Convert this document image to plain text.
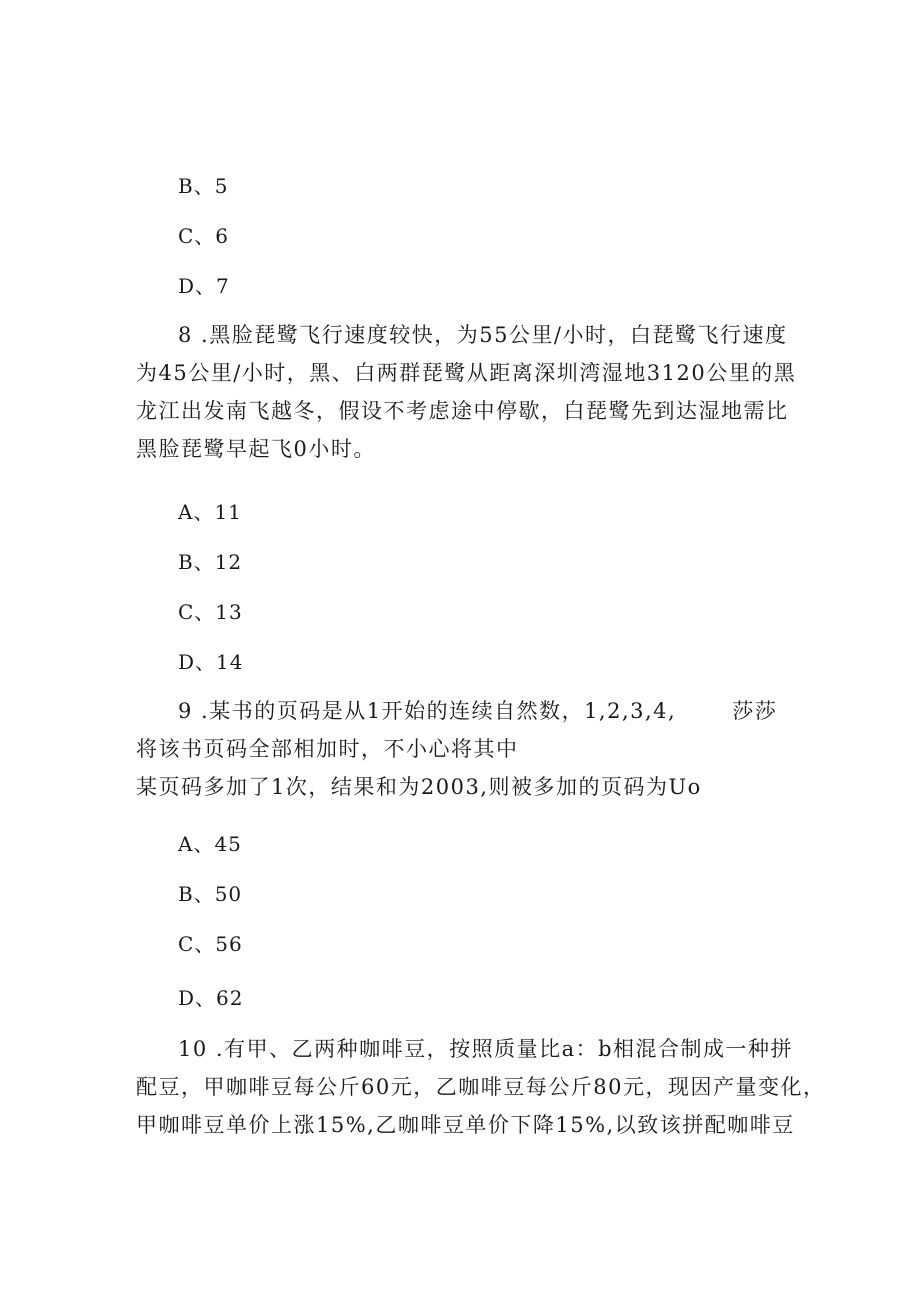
B、5
C、6
D、7
8 .黑脸琵鹭飞行速度较快，为55公里/小时，白琵鹭飞行速度
为45公里/小时，黑、白两群琵鹭从距离深圳湾湿地3120公里的黑
龙江出发南飞越冬，假设不考虑途中停歇，白琵鹭先到达湿地需比
黑脸琵鹭早起飞0小时。
A、11
B、12
C、13
D、14
9 .某书的页码是从1开始的连续自然数，1,2,3,4,	莎莎
将该书页码全部相加时，不小心将其中
某页码多加了1次，结果和为2003,则被多加的页码为Uo
A、45
B、50
C、56
D、62
10 .有甲、乙两种咖啡豆，按照质量比a：b相混合制成一种拼
配豆，甲咖啡豆每公斤60元，乙咖啡豆每公斤80元，现因产量变化，
甲咖啡豆单价上涨15%,乙咖啡豆单价下降15%,以致该拼配咖啡豆
